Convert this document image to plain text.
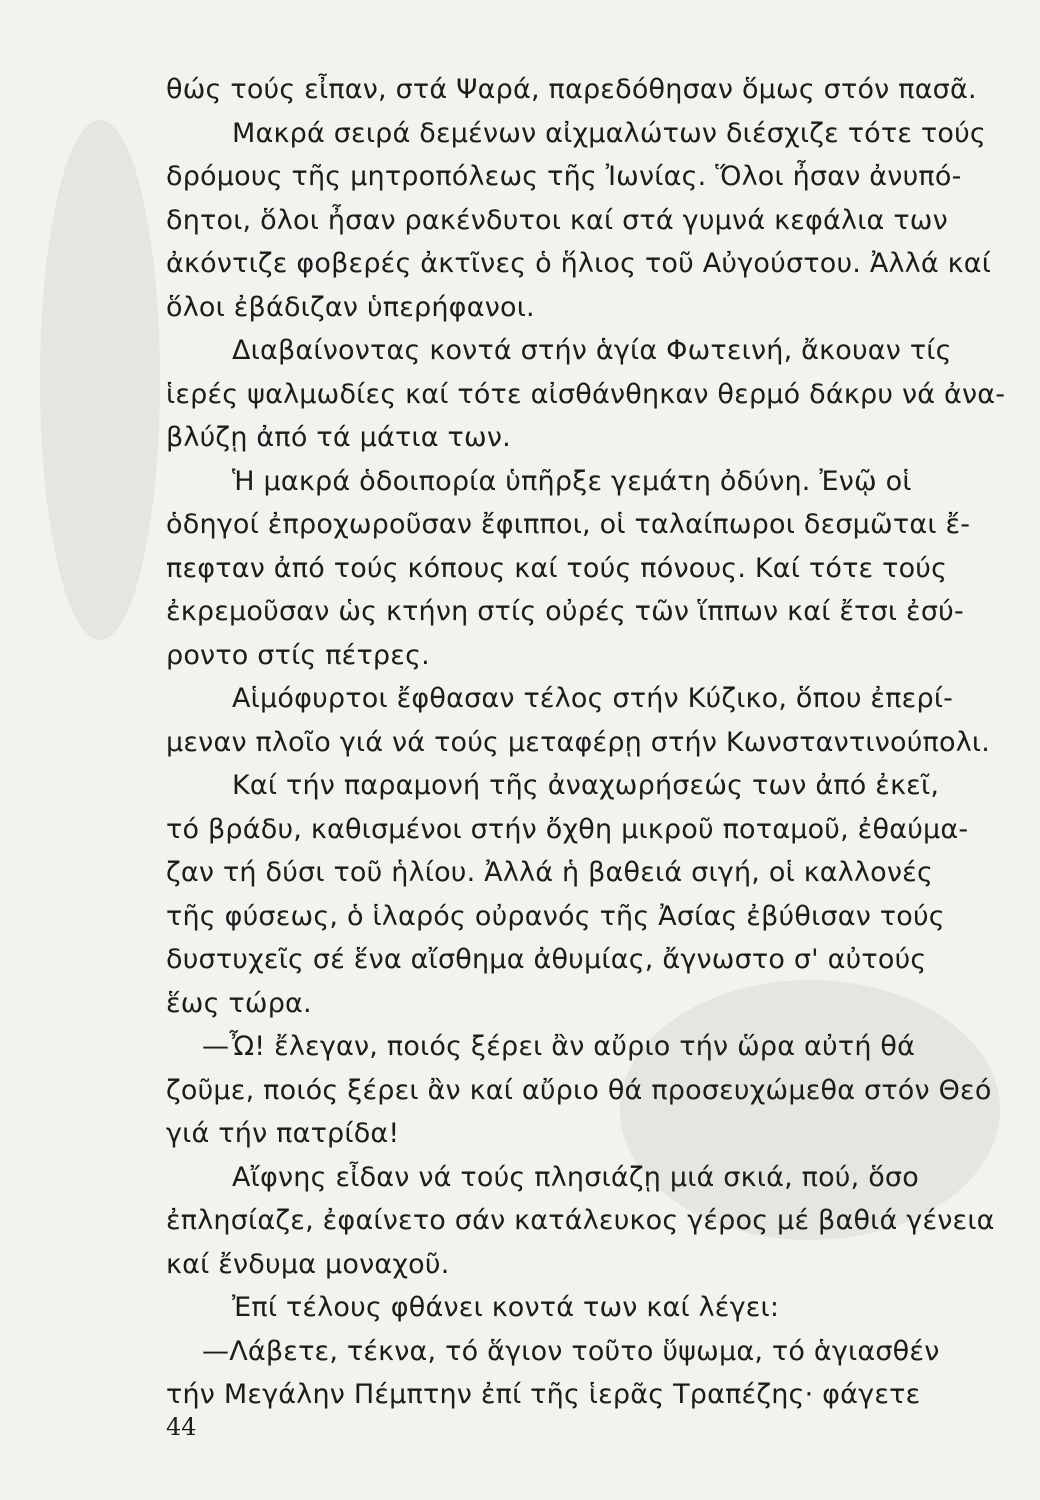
θώς τούς εἶπαν, στά Ψαρά, παρεδόθησαν ὅμως στόν πασᾶ.
Μακρά σειρά δεμένων αἰχμαλώτων διέσχιζε τότε τούς
δρόμους τῆς μητροπόλεως τῆς Ἰωνίας. Ὅλοι ἦσαν ἀνυπό-
δητοι, ὅλοι ἦσαν ρακένδυτοι καί στά γυμνά κεφάλια των
ἀκόντιζε φοβερές ἀκτῖνες ὁ ἥλιος τοῦ Αὐγούστου. Ἀλλά καί
ὅλοι ἐβάδιζαν ὑπερήφανοι.
Διαβαίνοντας κοντά στήν ἁγία Φωτεινή, ἄκουαν τίς
ἱερές ψαλμωδίες καί τότε αἰσθάνθηκαν θερμό δάκρυ νά ἀνα-
βλύζῃ ἀπό τά μάτια των.
Ἡ μακρά ὁδοιπορία ὑπῆρξε γεμάτη ὀδύνη. Ἐνῷ οἱ
ὁδηγοί ἐπροχωροῦσαν ἔφιπποι, οἱ ταλαίπωροι δεσμῶται ἔ-
πεφταν ἀπό τούς κόπους καί τούς πόνους. Καί τότε τούς
ἐκρεμοῦσαν ὡς κτήνη στίς οὐρές τῶν ἵππων καί ἔτσι ἐσύ-
ροντο στίς πέτρες.
Αἱμόφυρτοι ἔφθασαν τέλος στήν Κύζικο, ὅπου ἐπερί-
μεναν πλοῖο γιά νά τούς μεταφέρῃ στήν Κωνσταντινούπολι.
Καί τήν παραμονή τῆς ἀναχωρήσεώς των ἀπό ἐκεῖ,
τό βράδυ, καθισμένοι στήν ὄχθη μικροῦ ποταμοῦ, ἐθαύμα-
ζαν τή δύσι τοῦ ἡλίου. Ἀλλά ἡ βαθειά σιγή, οἱ καλλονές
τῆς φύσεως, ὁ ἱλαρός οὐρανός τῆς Ἀσίας ἐβύθισαν τούς
δυστυχεῖς σέ ἕνα αἴσθημα ἀθυμίας, ἄγνωστο σ' αὐτούς
ἕως τώρα.
—Ὦ! ἔλεγαν, ποιός ξέρει ἂν αὔριο τήν ὥρα αὐτή θά
ζοῦμε, ποιός ξέρει ἂν καί αὔριο θά προσευχώμεθα στόν Θεό
γιά τήν πατρίδα!
Αἴφνης εἶδαν νά τούς πλησιάζῃ μιά σκιά, πού, ὅσο
ἐπλησίαζε, ἐφαίνετο σάν κατάλευκος γέρος μέ βαθιά γένεια
καί ἔνδυμα μοναχοῦ.
Ἐπί τέλους φθάνει κοντά των καί λέγει:
—Λάβετε, τέκνα, τό ἅγιον τοῦτο ὕψωμα, τό ἁγιασθέν
τήν Μεγάλην Πέμπτην ἐπί τῆς ἱερᾶς Τραπέζης· φάγετε
44
